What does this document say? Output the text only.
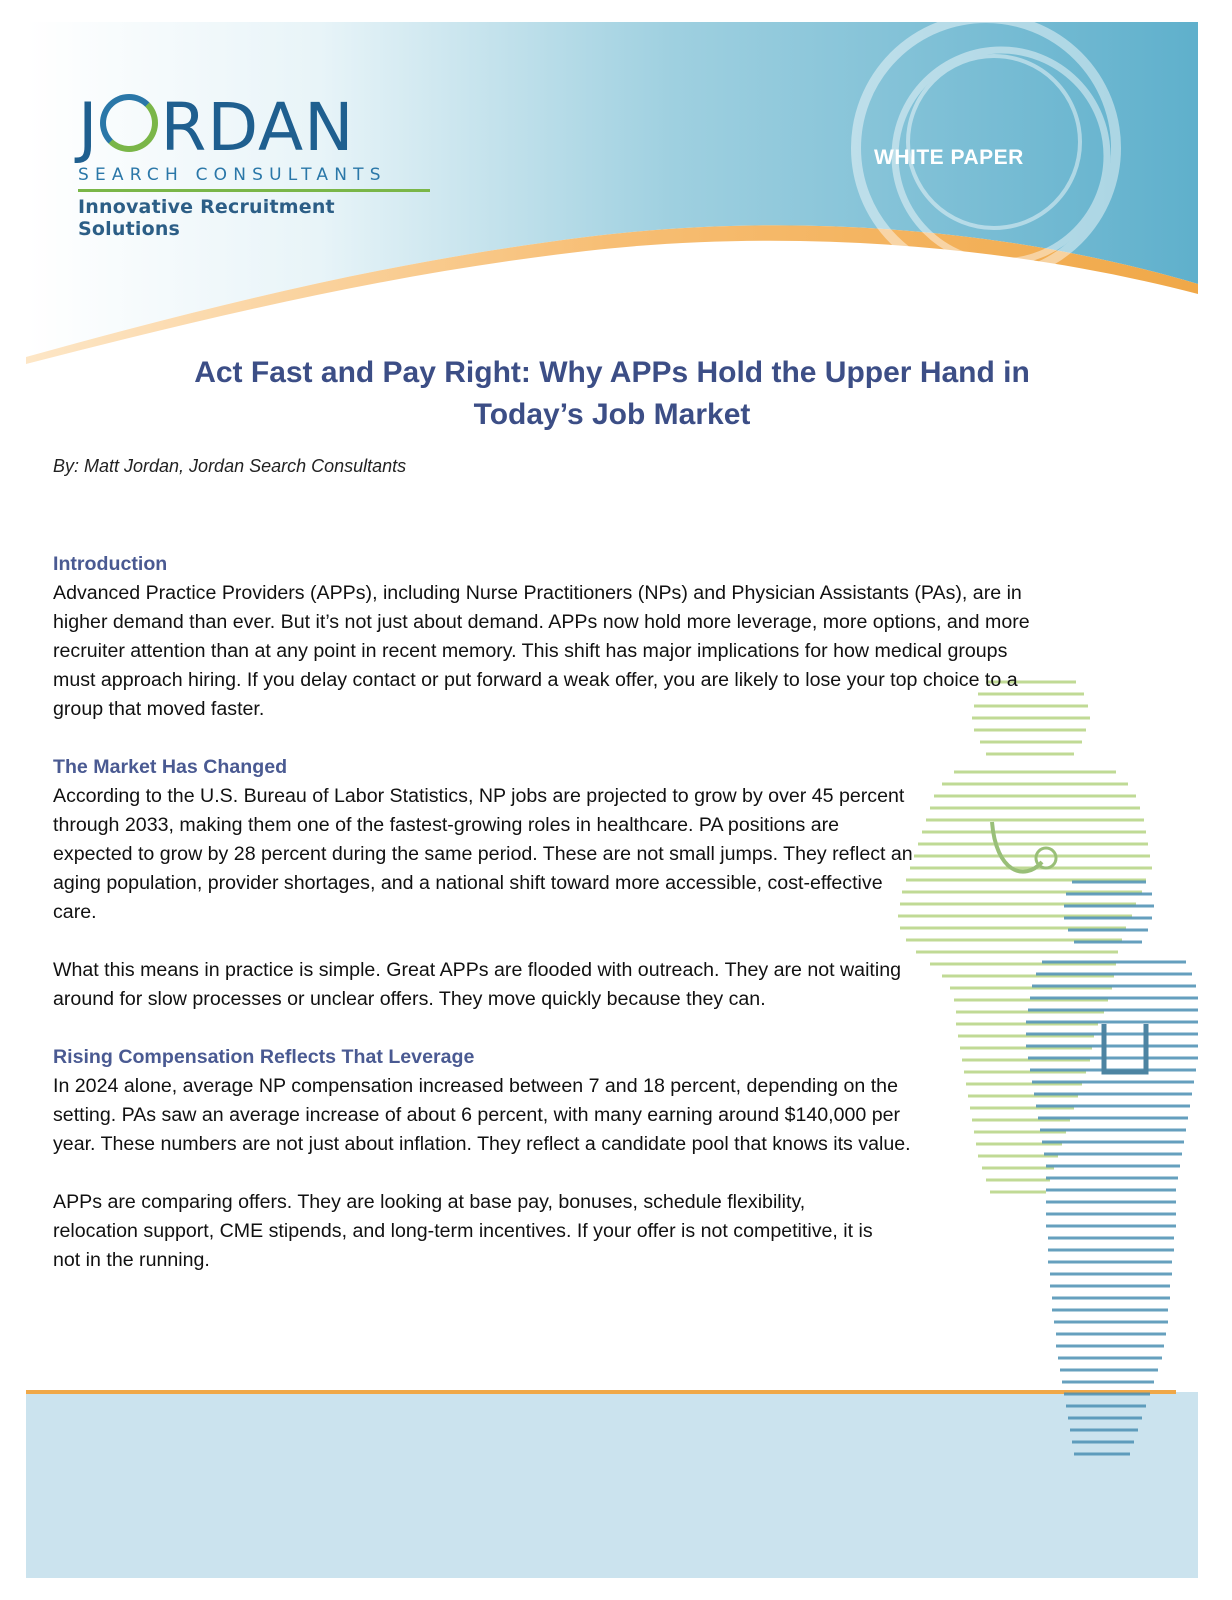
J RDAN
SEARCH CONSULTANTS
Innovative Recruitment Solutions
WHITE PAPER
Act Fast and Pay Right: Why APPs Hold the Upper Hand in
Today’s Job Market
By: Matt Jordan, Jordan Search Consultants
Introduction

Advanced Practice Providers (APPs), including Nurse Practitioners (NPs) and Physician Assistants (PAs), are in higher demand than ever. But it’s not just about demand. APPs now hold more leverage, more options, and more recruiter attention than at any point in recent memory. This shift has major implications for how medical groups must approach hiring. If you delay contact or put forward a weak offer, you are likely to lose your top choice to a group that moved faster.

The Market Has Changed

According to the U.S. Bureau of Labor Statistics, NP jobs are projected to grow by over 45 percent through 2033, making them one of the fastest-growing roles in healthcare. PA positions are expected to grow by 28 percent during the same period. These are not small jumps. They reflect an aging population, provider shortages, and a national shift toward more accessible, cost-effective care.

What this means in practice is simple. Great APPs are flooded with outreach. They are not waiting around for slow processes or unclear offers. They move quickly because they can.

Rising Compensation Reflects That Leverage

In 2024 alone, average NP compensation increased between 7 and 18 percent, depending on the setting. PAs saw an average increase of about 6 percent, with many earning around $140,000 per year. These numbers are not just about inflation. They reflect a candidate pool that knows its value.

APPs are comparing offers. They are looking at base pay, bonuses, schedule flexibility, relocation support, CME stipends, and long-term incentives. If your offer is not competitive, it is not in the running.
